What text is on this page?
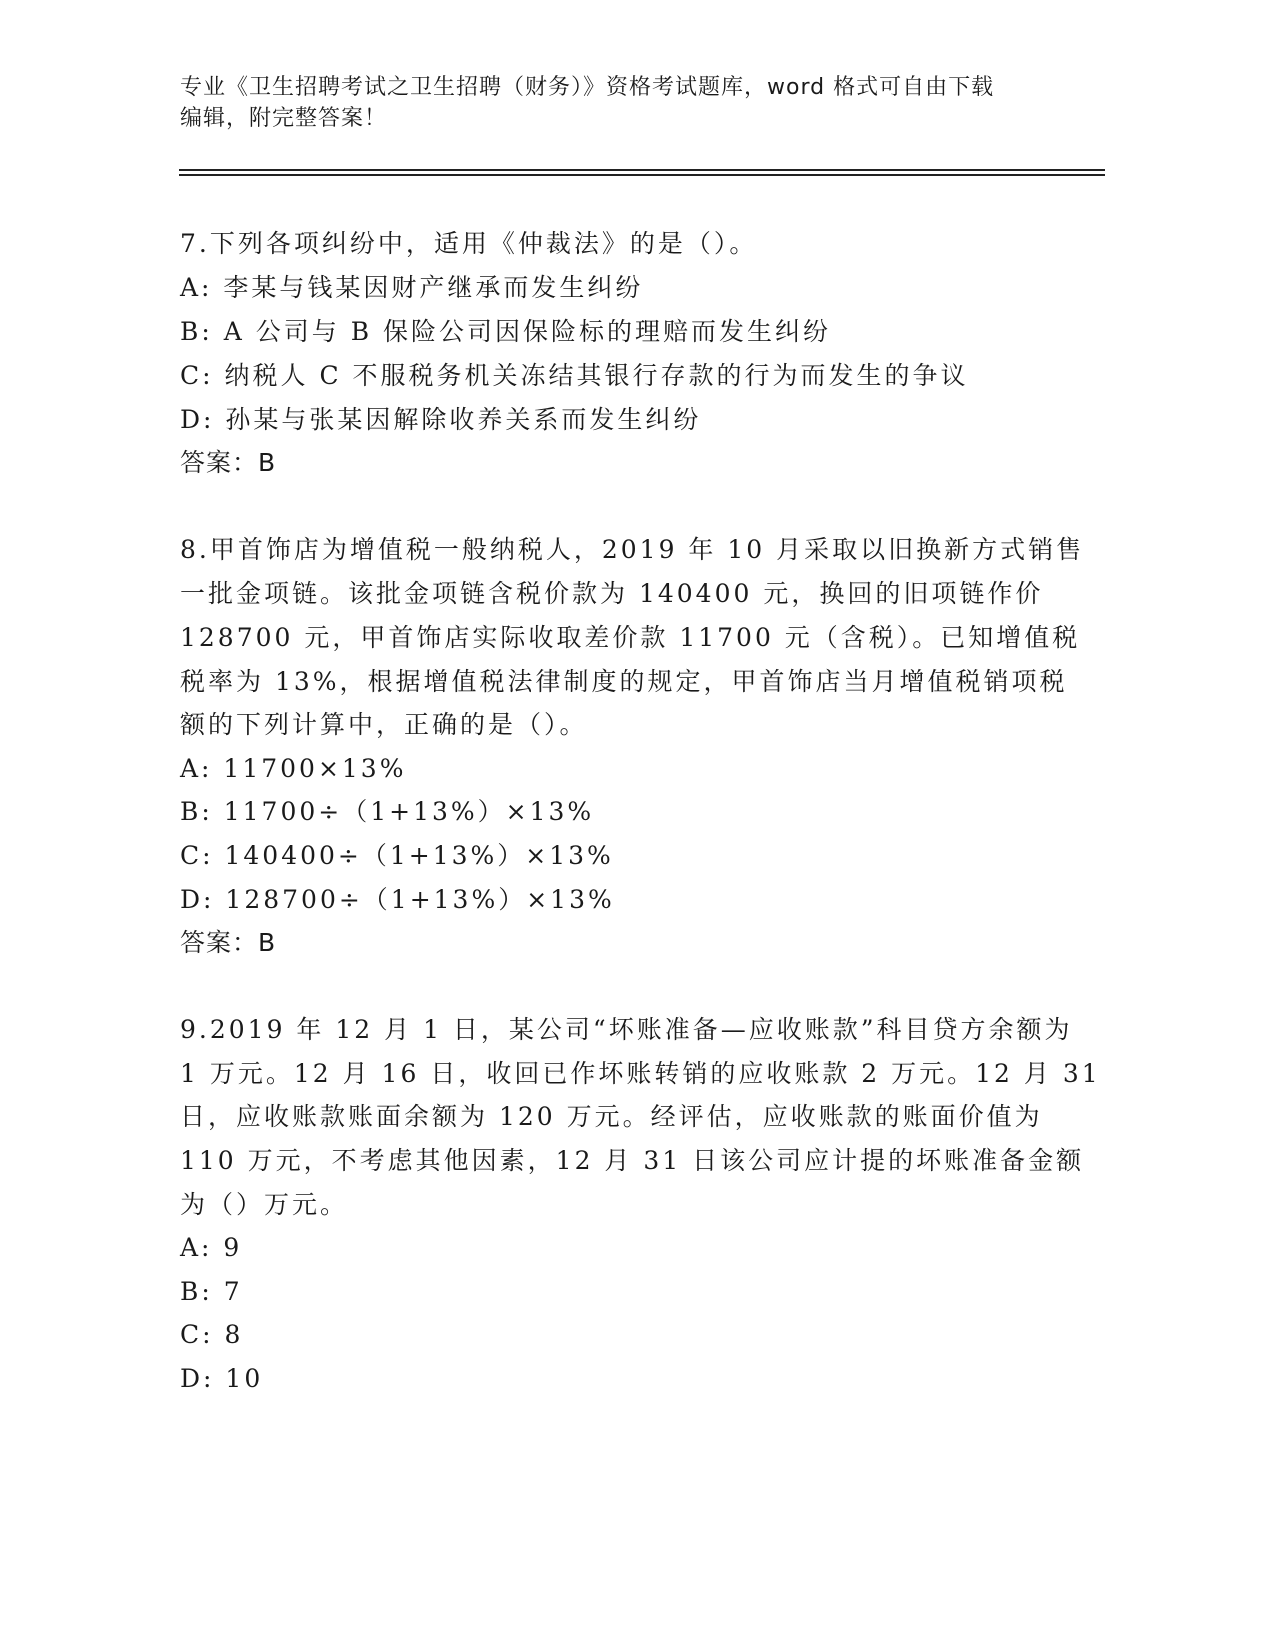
专业《卫生招聘考试之卫生招聘（财务）》资格考试题库，word 格式可自由下载
编辑，附完整答案！
7.下列各项纠纷中，适用《仲裁法》的是（）。
A: 李某与钱某因财产继承而发生纠纷
B: A 公司与 B 保险公司因保险标的理赔而发生纠纷
C: 纳税人 C 不服税务机关冻结其银行存款的行为而发生的争议
D: 孙某与张某因解除收养关系而发生纠纷
答案：B
8.甲首饰店为增值税一般纳税人，2019 年 10 月采取以旧换新方式销售
一批金项链。该批金项链含税价款为 140400 元，换回的旧项链作价
128700 元，甲首饰店实际收取差价款 11700 元（含税）。已知增值税
税率为 13%，根据增值税法律制度的规定，甲首饰店当月增值税销项税
额的下列计算中，正确的是（）。
A: 11700×13%
B: 11700÷（1+13%）×13%
C: 140400÷（1+13%）×13%
D: 128700÷（1+13%）×13%
答案：B
9.2019 年 12 月 1 日，某公司“坏账准备—应收账款”科目贷方余额为
1 万元。12 月 16 日，收回已作坏账转销的应收账款 2 万元。12 月 31
日，应收账款账面余额为 120 万元。经评估，应收账款的账面价值为
110 万元，不考虑其他因素，12 月 31 日该公司应计提的坏账准备金额
为（）万元。
A: 9
B: 7
C: 8
D: 10
